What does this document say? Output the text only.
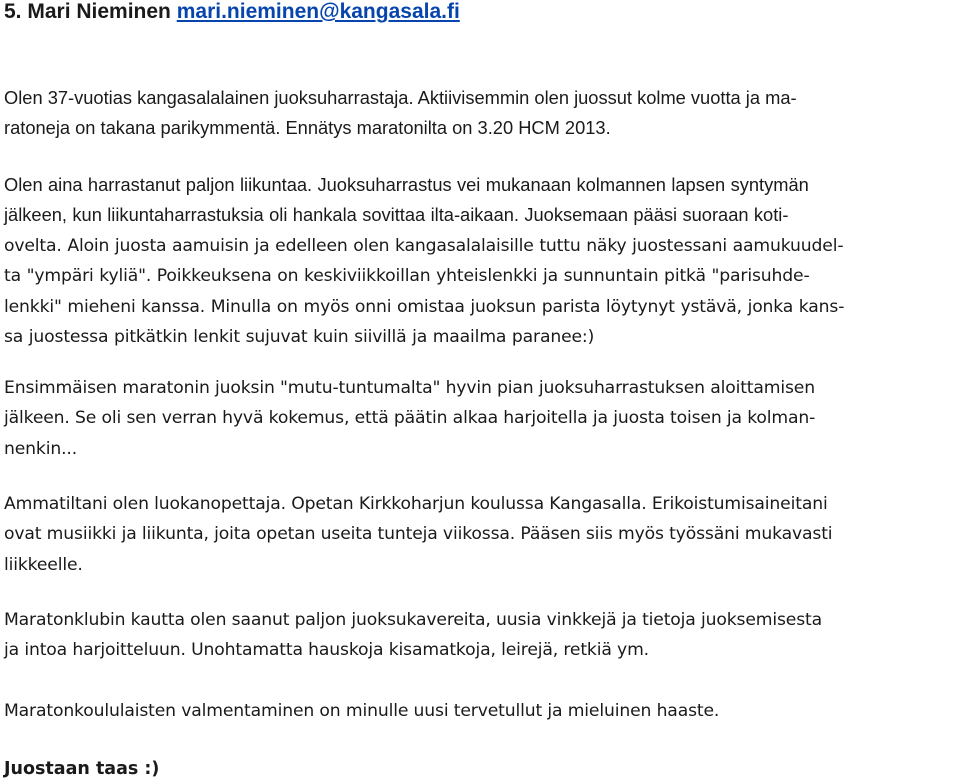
5. Mari Nieminen mari.nieminen@kangasala.fi

Olen 37-vuotias kangasalalainen juoksuharrastaja. Aktiivisemmin olen juossut kolme vuotta ja ma-
ratoneja on takana parikymmentä. Ennätys maratonilta on 3.20 HCM 2013.

Olen aina harrastanut paljon liikuntaa. Juoksuharrastus vei mukanaan kolmannen lapsen syntymän
jälkeen, kun liikuntaharrastuksia oli hankala sovittaa ilta-aikaan. Juoksemaan pääsi suoraan koti-
ovelta. Aloin juosta aamuisin ja edelleen olen kangasalalaisille tuttu näky juostessani aamukuudel-
ta "ympäri kyliä". Poikkeuksena on keskiviikkoillan yhteislenkki ja sunnuntain pitkä "parisuhde-
lenkki" mieheni kanssa. Minulla on myös onni omistaa juoksun parista löytynyt ystävä, jonka kans-
sa juostessa pitkätkin lenkit sujuvat kuin siivillä ja maailma paranee:)

Ensimmäisen maratonin juoksin "mutu-tuntumalta" hyvin pian juoksuharrastuksen aloittamisen
jälkeen. Se oli sen verran hyvä kokemus, että päätin alkaa harjoitella ja juosta toisen ja kolman-
nenkin...

Ammatiltani olen luokanopettaja. Opetan Kirkkoharjun koulussa Kangasalla. Erikoistumisaineitani
ovat musiikki ja liikunta, joita opetan useita tunteja viikossa. Pääsen siis myös työssäni mukavasti
liikkeelle.

Maratonklubin kautta olen saanut paljon juoksukavereita, uusia vinkkejä ja tietoja juoksemisesta
ja intoa harjoitteluun. Unohtamatta hauskoja kisamatkoja, leirejä, retkiä ym.

Maratonkoululaisten valmentaminen on minulle uusi tervetullut ja mieluinen haaste.

Juostaan taas :)
